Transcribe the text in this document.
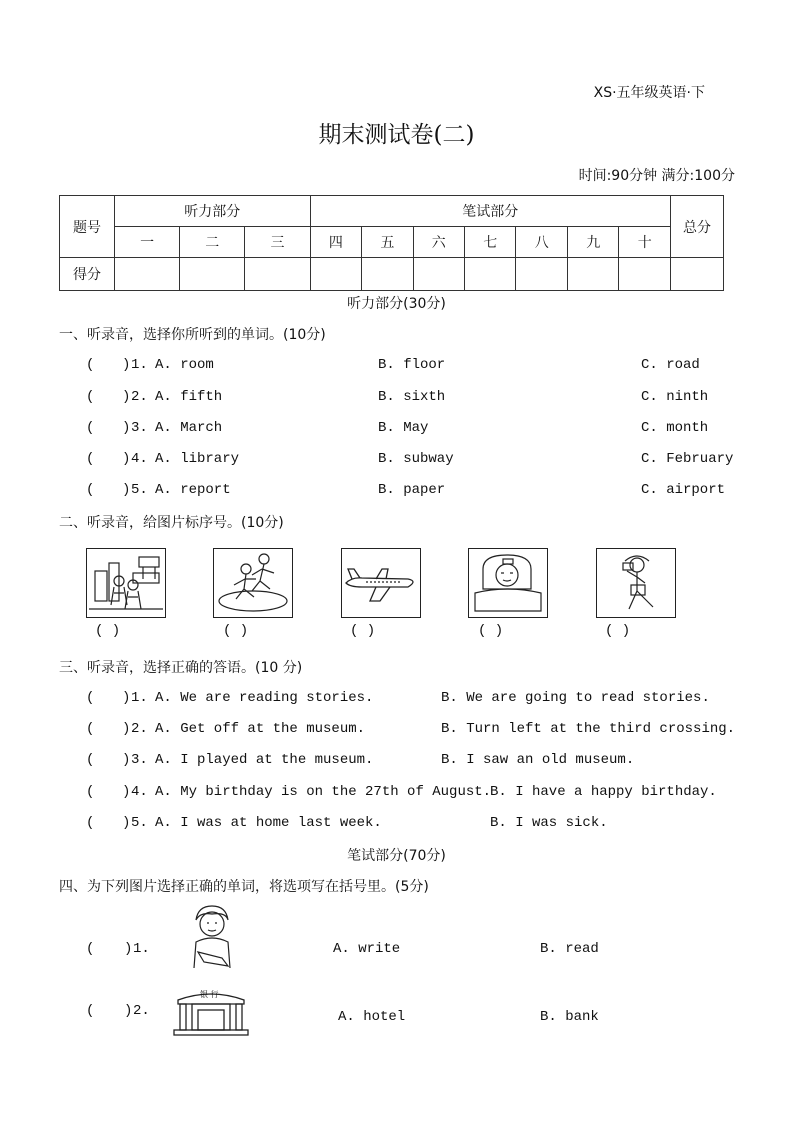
XS·五年级英语·下
期末测试卷(二)
时间:90分钟 满分:100分
题号	听力部分			笔试部分							总分
	一	二	三	四	五	六	七	八	九	十	
得分											
听力部分(30分)
一、听录音，选择你所听到的单词。(10分)
( ) 1. A. room	B. floor	C. road
( ) 2. A. fifth	B. sixth	C. ninth
( ) 3. A. March	B. May	C. month
( ) 4. A. library	B. subway	C. February
( ) 5. A. report	B. paper	C. airport
二、听录音，给图片标序号。(10分)
( )	( )	( )	( )	( )
三、听录音，选择正确的答语。(10 分)
( ) 1. A. We are reading stories.	B. We are going to read stories.
( ) 2. A. Get off at the museum.	B. Turn left at the third crossing.
( ) 3. A. I played at the museum.	B. I saw an old museum.
( ) 4. A. My birthday is on the 27th of August.
B. I have a happy birthday.
( ) 5. A. I was at home last week.	B. I was sick.
笔试部分(70分)
四、为下列图片选择正确的单词，将选项写在括号里。(5分)
( ) 1.	A. write	B. read
( ) 2.
银 行
A. hotel	B. bank
